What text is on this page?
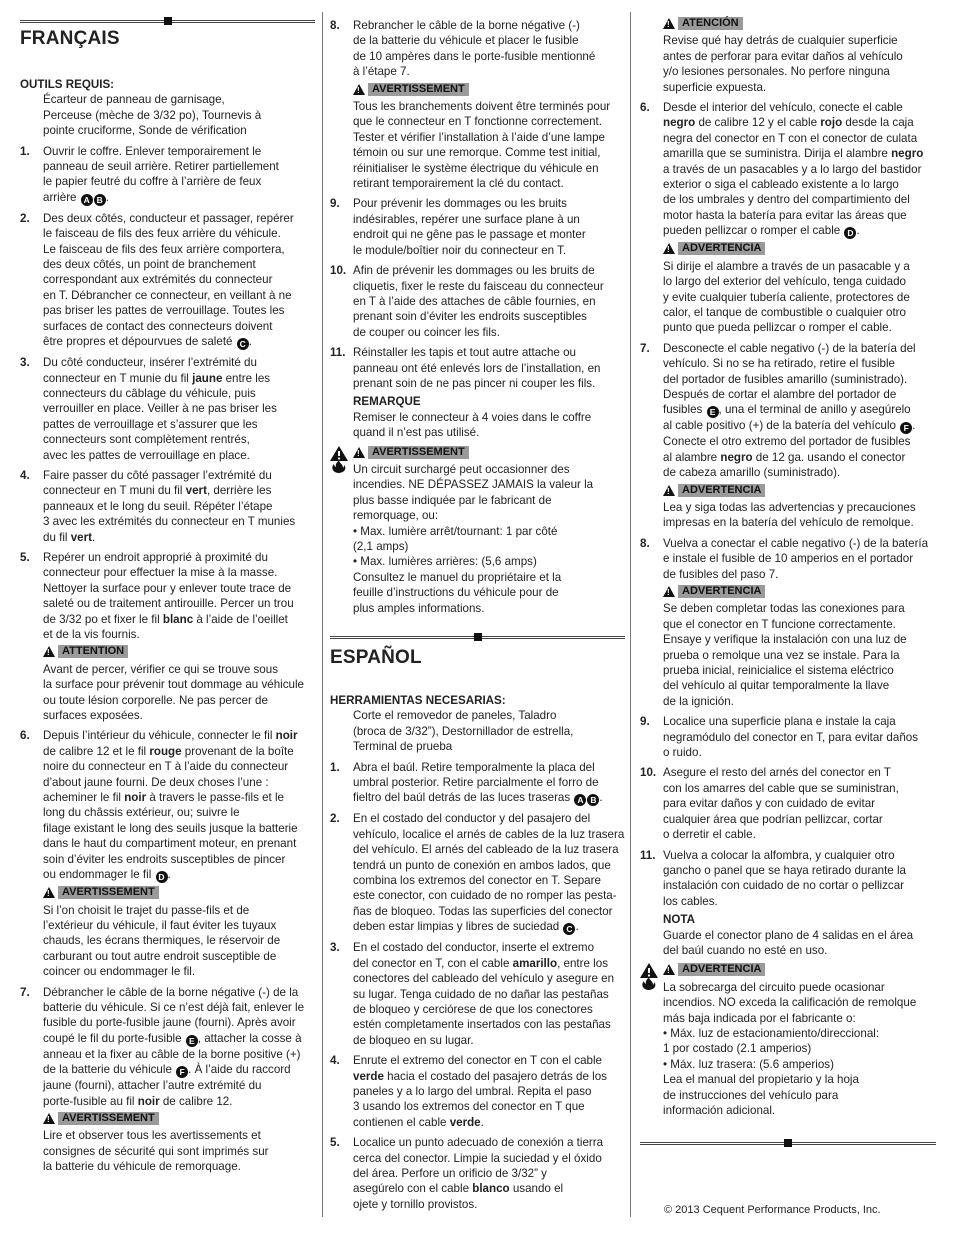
FRANÇAIS
OUTILS REQUIS:
Écarteur de panneau de garnisage,
Perceuse (mèche de 3/32 po), Tournevis à
pointe cruciforme, Sonde de vérification
1.	Ouvrir le coffre. Enlever temporairement le
panneau de seuil arrière. Retirer partiellement
le papier feutré du coffre à l’arrière de feux
arrière A B .
2.	Des deux côtés, conducteur et passager, repérer
le faisceau de fils des feux arrière du véhicule.
Le faisceau de fils des feux arrière comportera,
des deux côtés, un point de branchement
correspondant aux extrémités du connecteur
en T. Débrancher ce connecteur, en veillant à ne
pas briser les pattes de verrouillage. Toutes les
surfaces de contact des connecteurs doivent
être propres et dépourvues de saleté C .
3.	Du côté conducteur, insérer l’extrémité du
connecteur en T munie du fil jaune entre les
connecteurs du câblage du véhicule, puis
verrouiller en place. Veiller à ne pas briser les
pattes de verrouillage et s’assurer que les
connecteurs sont complètement rentrés,
avec les pattes de verrouillage en place.
4.	Faire passer du côté passager l’extrémité du
connecteur en T muni du fil vert, derrière les
panneaux et le long du seuil. Répéter l’étape
3 avec les extrémités du connecteur en T munies
du fil vert.
5.	Repérer un endroit approprié à proximité du
connecteur pour effectuer la mise à la masse.
Nettoyer la surface pour y enlever toute trace de
saleté ou de traitement antirouille. Percer un trou
de 3/32 po et fixer le fil blanc à l’aide de l’oeillet
et de la vis fournis.
!
ATTENTION
Avant de percer, vérifier ce qui se trouve sous
la surface pour prévenir tout dommage au véhicule
ou toute lésion corporelle. Ne pas percer de
surfaces exposées.
6.	Depuis l’intérieur du véhicule, connecter le fil noir
de calibre 12 et le fil rouge provenant de la boîte
noire du connecteur en T à l’aide du connecteur
d’about jaune fourni. De deux choses l’une :
acheminer le fil noir à travers le passe-fils et le
long du châssis extérieur, ou; suivre le
filage existant le long des seuils jusque la batterie
dans le haut du compartiment moteur, en prenant
soin d’éviter les endroits susceptibles de pincer
ou endommager le fil D .
!
AVERTISSEMENT
Si l’on choisit le trajet du passe-fils et de
l’extérieur du véhicule, il faut éviter les tuyaux
chauds, les écrans thermiques, le réservoir de
carburant ou tout autre endroit susceptible de
coincer ou endommager le fil.
7.	Débrancher le câble de la borne négative (-) de la
batterie du véhicule. Si ce n’est déjà fait, enlever le
fusible du porte-fusible jaune (fourni). Après avoir
coupé le fil du porte-fusible E , attacher la cosse à
anneau et la fixer au câble de la borne positive (+)
de la batterie du véhicule F . À l’aide du raccord
jaune (fourni), attacher l’autre extrémité du
porte-fusible au fil noir de calibre 12.
!
AVERTISSEMENT
Lire et observer tous les avertissements et
consignes de sécurité qui sont imprimés sur
la batterie du véhicule de remorquage.
8.	Rebrancher le câble de la borne négative (-)
de la batterie du véhicule et placer le fusible
de 10 ampères dans le porte-fusible mentionné
à l’étape 7.
!
AVERTISSEMENT
Tous les branchements doivent être terminés pour
que le connecteur en T fonctionne correctement.
Tester et vérifier l’installation à l’aide d’une lampe
témoin ou sur une remorque. Comme test initial,
réinitialiser le système électrique du véhicule en
retirant temporairement la clé du contact.
9.	Pour prévenir les dommages ou les bruits
indésirables, repérer une surface plane à un
endroit qui ne gêne pas le passage et monter
le module/boîtier noir du connecteur en T.
10. Afin de prévenir les dommages ou les bruits de
cliquetis, fixer le reste du faisceau du connecteur
en T à l’aide des attaches de câble fournies, en
prenant soin d’éviter les endroits susceptibles
de couper ou coincer les fils.
11. Réinstaller les tapis et tout autre attache ou
panneau ont été enlevés lors de l’installation, en
prenant soin de ne pas pincer ni couper les fils.
REMARQUE
Remiser le connecteur à 4 voies dans le coffre
quand il n’est pas utilisé.
!
AVERTISSEMENT
Un circuit surchargé peut occasionner des
incendies. NE DÉPASSEZ JAMAIS la valeur la
plus basse indiquée par le fabricant de
remorquage, ou:
• Max. lumière arrêt/tournant: 1 par côté
(2,1 amps)
• Max. lumières arrières: (5,6 amps)
Consultez le manuel du propriétaire et la
feuille d’instructions du véhicule pour de
plus amples informations.
ESPAÑOL
HERRAMIENTAS NECESARIAS:
Corte el removedor de paneles, Taladro
(broca de 3/32”), Destornillador de estrella,
Terminal de prueba
1.	Abra el baúl. Retire temporalmente la placa del
umbral posterior. Retire parcialmente el forro de
fieltro del baúl detrás de las luces traseras A B .
2.	En el costado del conductor y del pasajero del
vehículo, localice el arnés de cables de la luz trasera
del vehículo. El arnés del cableado de la luz trasera
tendrá un punto de conexión en ambos lados, que
combina los extremos del conector en T. Separe
este conector, con cuidado de no romper las pesta-
ñas de bloqueo. Todas las superficies del conector
deben estar limpias y libres de suciedad C .
3.	En el costado del conductor, inserte el extremo
del conector en T, con el cable amarillo, entre los
conectores del cableado del vehículo y asegure en
su lugar. Tenga cuidado de no dañar las pestañas
de bloqueo y cerciórese de que los conectores
estén completamente insertados con las pestañas
de bloqueo en su lugar.
4.	Enrute el extremo del conector en T con el cable
verde hacia el costado del pasajero detrás de los
paneles y a lo largo del umbral. Repita el paso
3 usando los extremos del conector en T que
contienen el cable verde.
5.	Localice un punto adecuado de conexión a tierra
cerca del conector. Limpie la suciedad y el óxido
del área. Perfore un orificio de 3/32” y
asegúrelo con el cable blanco usando el
ojete y tornillo provistos.
!
ATENCIÓN
Revise qué hay detrás de cualquier superficie
antes de perforar para evitar daños al vehículo
y/o lesiones personales. No perfore ninguna
superficie expuesta.
6.	Desde el interior del vehículo, conecte el cable
negro de calibre 12 y el cable rojo desde la caja
negra del conector en T con el conector de culata
amarilla que se suministra. Dirija el alambre negro
a través de un pasacables y a lo largo del bastidor
exterior o siga el cableado existente a lo largo
de los umbrales y dentro del compartimiento del
motor hasta la batería para evitar las áreas que
pueden pellizcar o romper el cable D .
!
ADVERTENCIA
Si dirije el alambre a través de un pasacable y a
lo largo del exterior del vehículo, tenga cuidado
y evite cualquier tubería caliente, protectores de
calor, el tanque de combustible o cualquier otro
punto que pueda pellizcar o romper el cable.
7.	Desconecte el cable negativo (-) de la batería del
vehículo. Si no se ha retirado, retire el fusible
del portador de fusibles amarillo (suministrado).
Después de cortar el alambre del portador de
fusibles E , una el terminal de anillo y asegúrelo
al cable positivo (+) de la batería del vehículo F .
Conecte el otro extremo del portador de fusibles
al alambre negro de 12 ga. usando el conector
de cabeza amarillo (suministrado).
!
ADVERTENCIA
Lea y siga todas las advertencias y precauciones
impresas en la batería del vehículo de remolque.
8.	Vuelva a conectar el cable negativo (-) de la batería
e instale el fusible de 10 amperios en el portador
de fusibles del paso 7.
!
ADVERTENCIA
Se deben completar todas las conexiones para
que el conector en T funcione correctamente.
Ensaye y verifique la instalación con una luz de
prueba o remolque una vez se instale. Para la
prueba inicial, reinicialice el sistema eléctrico
del vehículo al quitar temporalmente la llave
de la ignición.
9.	Localice una superficie plana e instale la caja
negramódulo del conector en T, para evitar daños
o ruido.
10. Asegure el resto del arnés del conector en T
con los amarres del cable que se suministran,
para evitar daños y con cuidado de evitar
cualquier área que podrían pellizcar, cortar
o derretir el cable.
11. Vuelva a colocar la alfombra, y cualquier otro
gancho o panel que se haya retirado durante la
instalación con cuidado de no cortar o pellizcar
los cables.
NOTA
Guarde el conector plano de 4 salidas en el área
del baúl cuando no esté en uso.
!
ADVERTENCIA
La sobrecarga del circuito puede ocasionar
incendios. NO exceda la calificación de remolque
más baja indicada por el fabricante o:
• Máx. luz de estacionamiento/direccional:
1 por costado (2.1 amperios)
• Máx. luz trasera: (5.6 amperios)
Lea el manual del propietario y la hoja
de instrucciones del vehículo para
información adicional.
© 2013 Cequent Performance Products, Inc.
